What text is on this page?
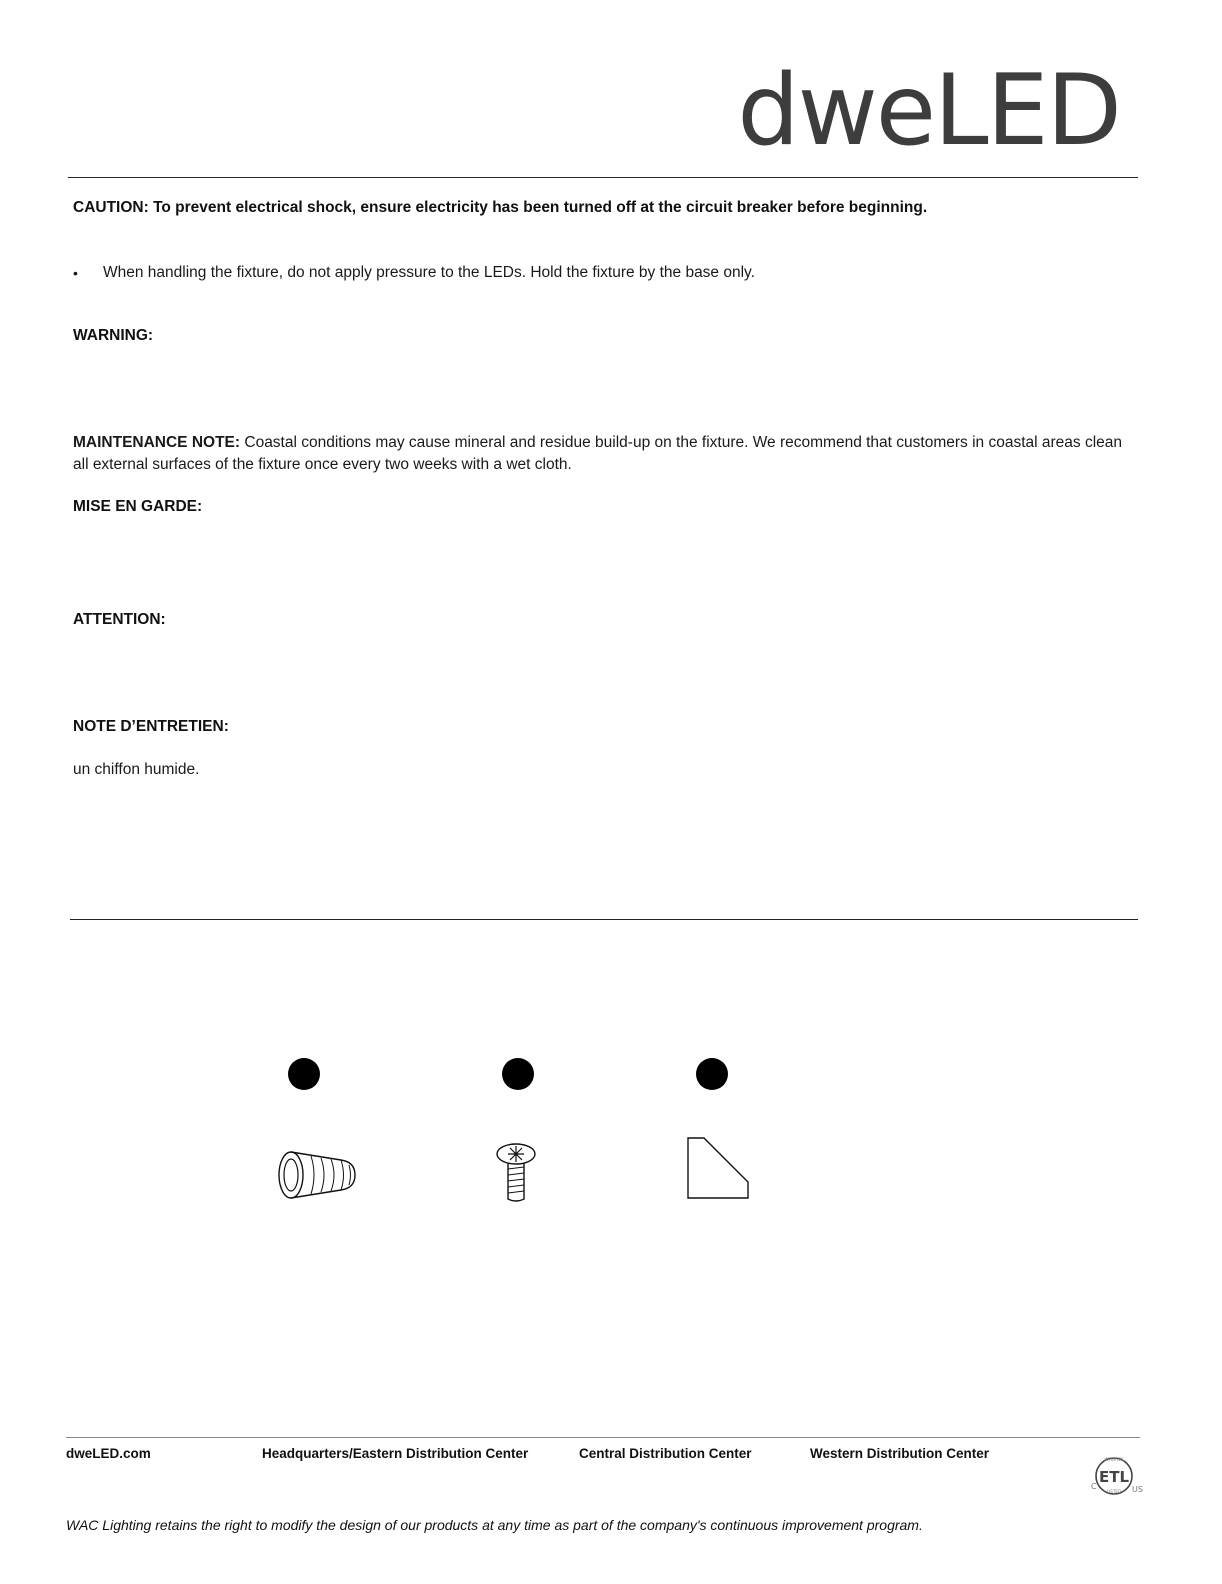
dweLED
CAUTION: To prevent electrical shock, ensure electricity has been turned off at the circuit breaker before beginning.
• When handling the fixture, do not apply pressure to the LEDs. Hold the fixture by the base only.
WARNING:
MAINTENANCE NOTE: Coastal conditions may cause mineral and residue build-up on the fixture. We recommend that customers in coastal areas clean all external surfaces of the fixture once every two weeks with a wet cloth.
MISE EN GARDE:
ATTENTION:
NOTE D’ENTRETIEN:
un chiffon humide.
dweLED.com	Headquarters/Eastern Distribution Center	Central Distribution Center	Western Distribution Center
ETL
INTERTEK
LISTED
C	US
WAC Lighting retains the right to modify the design of our products at any time as part of the company's continuous improvement program.
